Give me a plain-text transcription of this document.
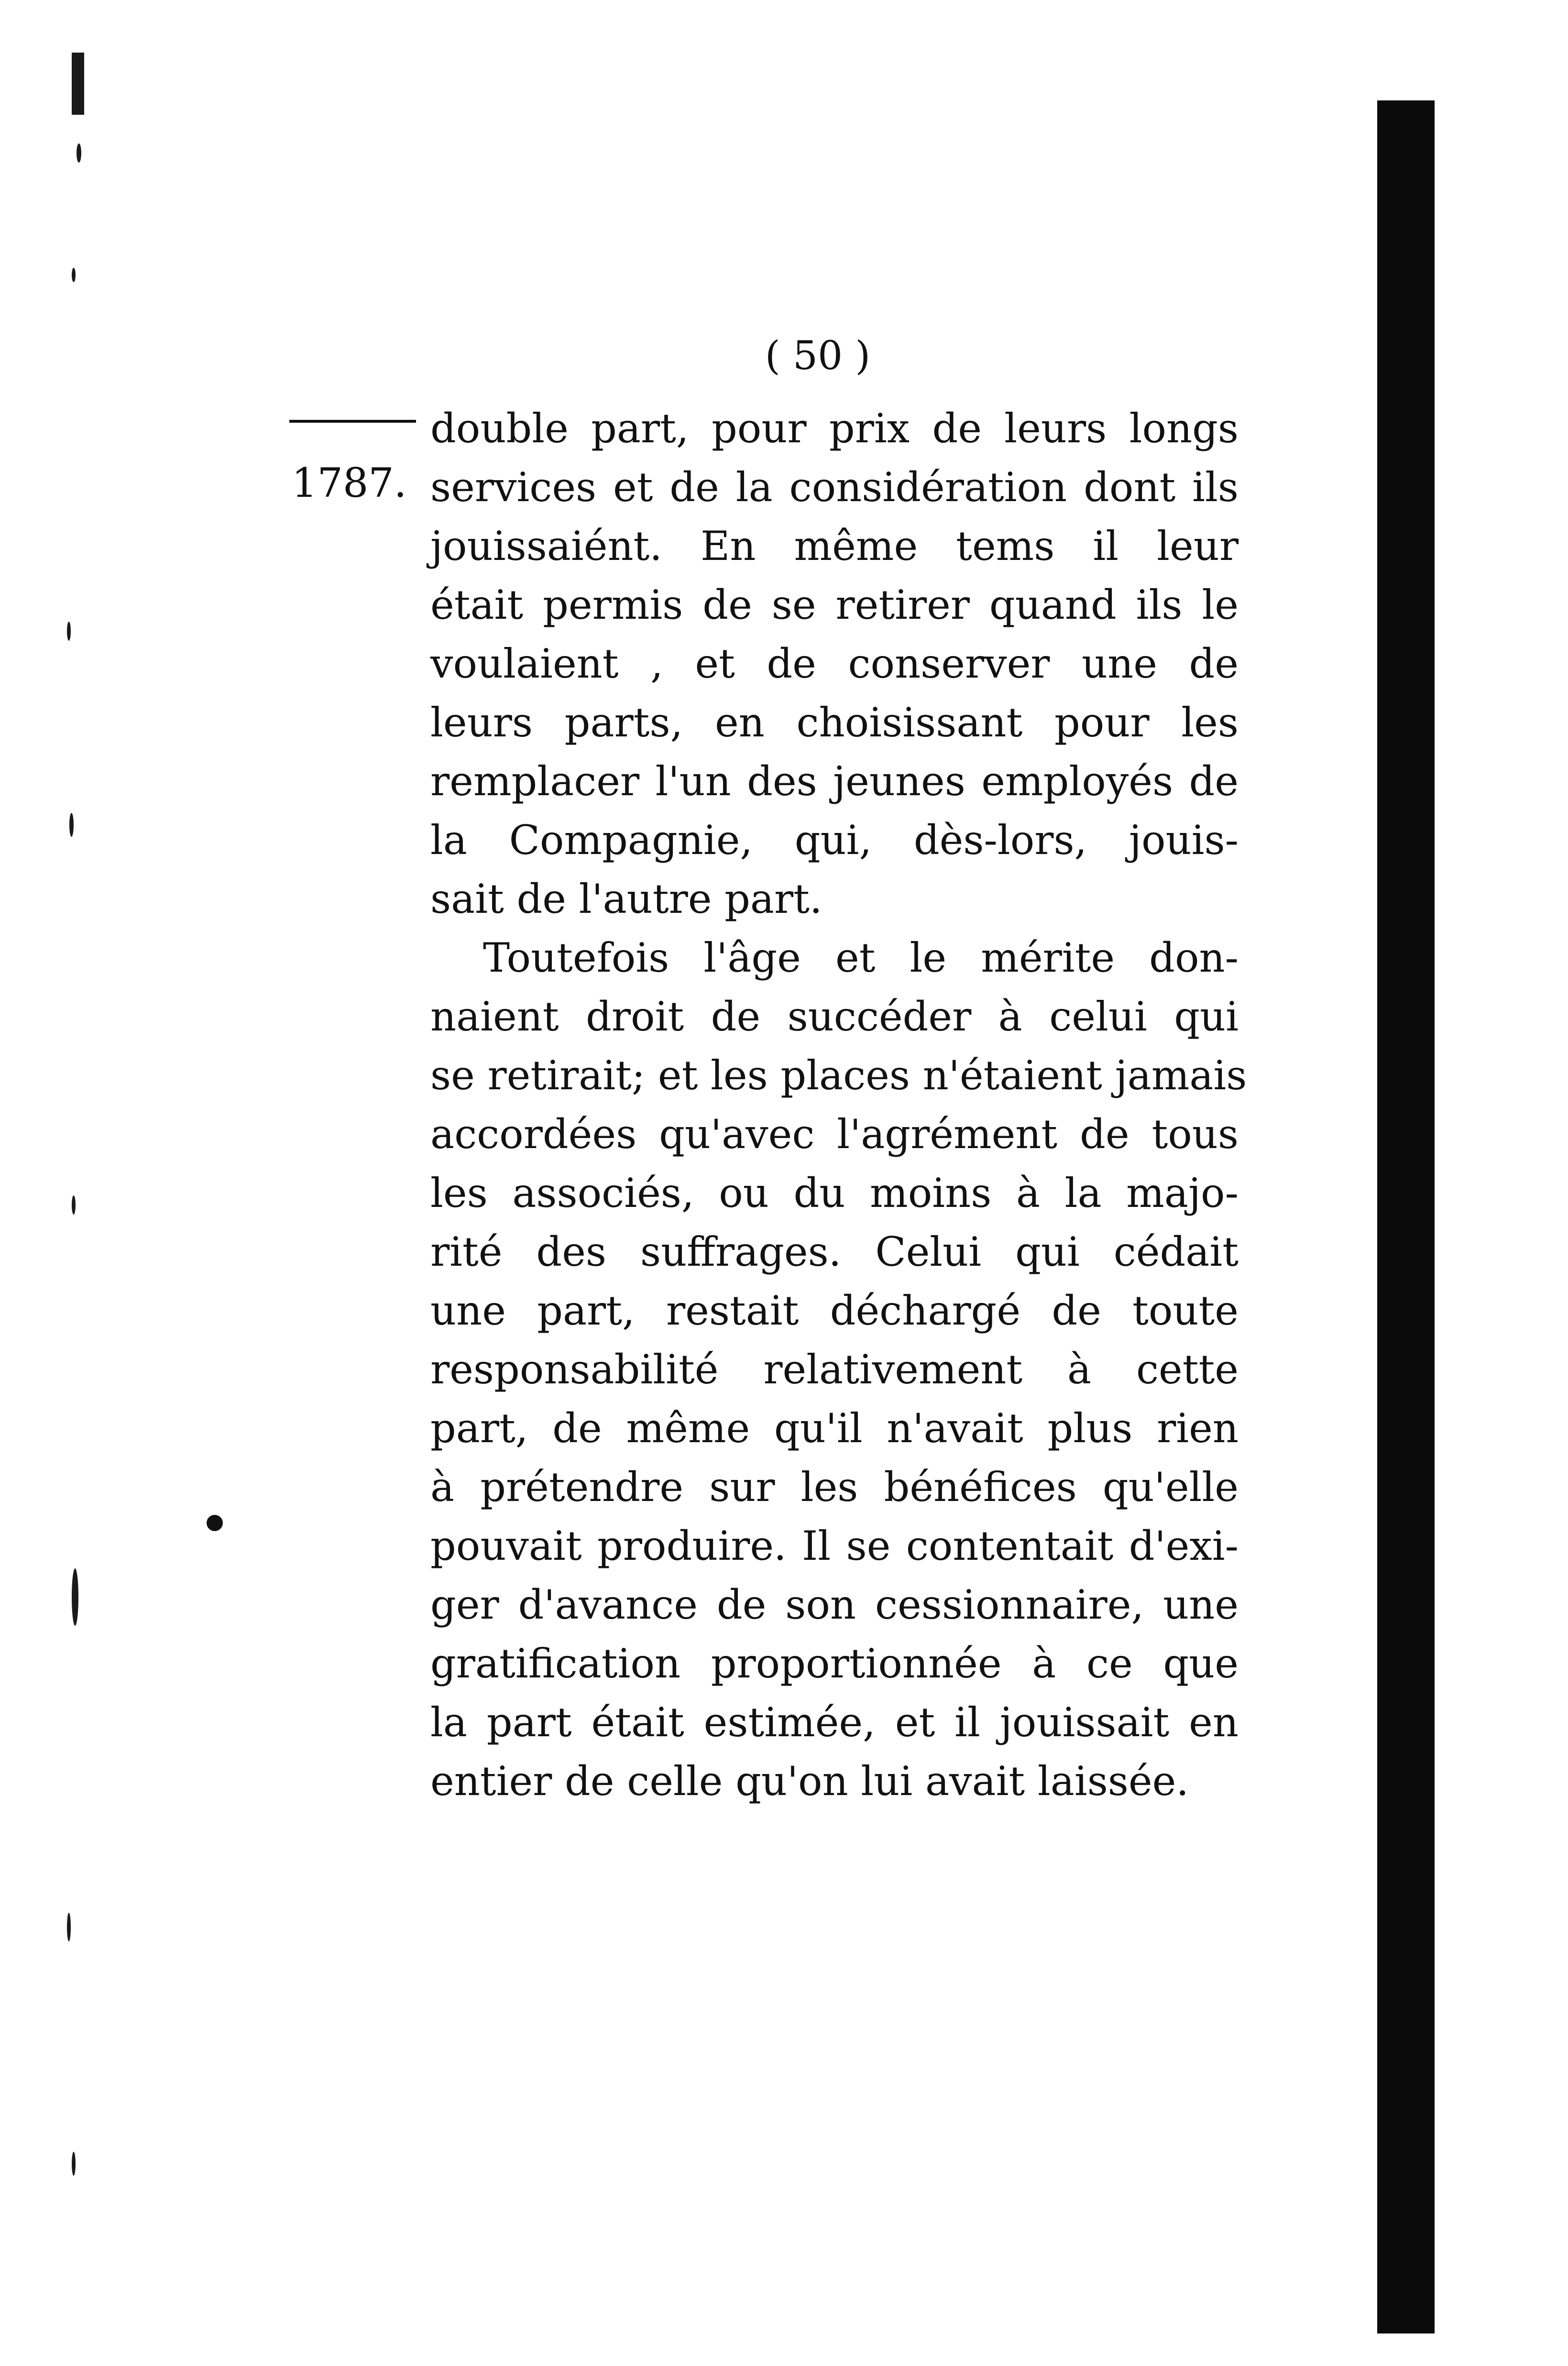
( 50 )
1787.
double part, pour prix de leurs longs
services et de la considération dont ils
jouissaiént. En même tems il leur
était permis de se retirer quand ils le
voulaient , et de conserver une de
leurs parts, en choisissant pour les
remplacer l'un des jeunes employés de
la Compagnie, qui, dès-lors, jouis-
sait de l'autre part.
Toutefois l'âge et le mérite don-
naient droit de succéder à celui qui
se retirait; et les places n'étaient jamais
accordées qu'avec l'agrément de tous
les associés, ou du moins à la majo-
rité des suffrages. Celui qui cédait
une part, restait déchargé de toute
responsabilité relativement à cette
part, de même qu'il n'avait plus rien
à prétendre sur les bénéfices qu'elle
pouvait produire. Il se contentait d'exi-
ger d'avance de son cessionnaire, une
gratification proportionnée à ce que
la part était estimée, et il jouissait en
entier de celle qu'on lui avait laissée.
